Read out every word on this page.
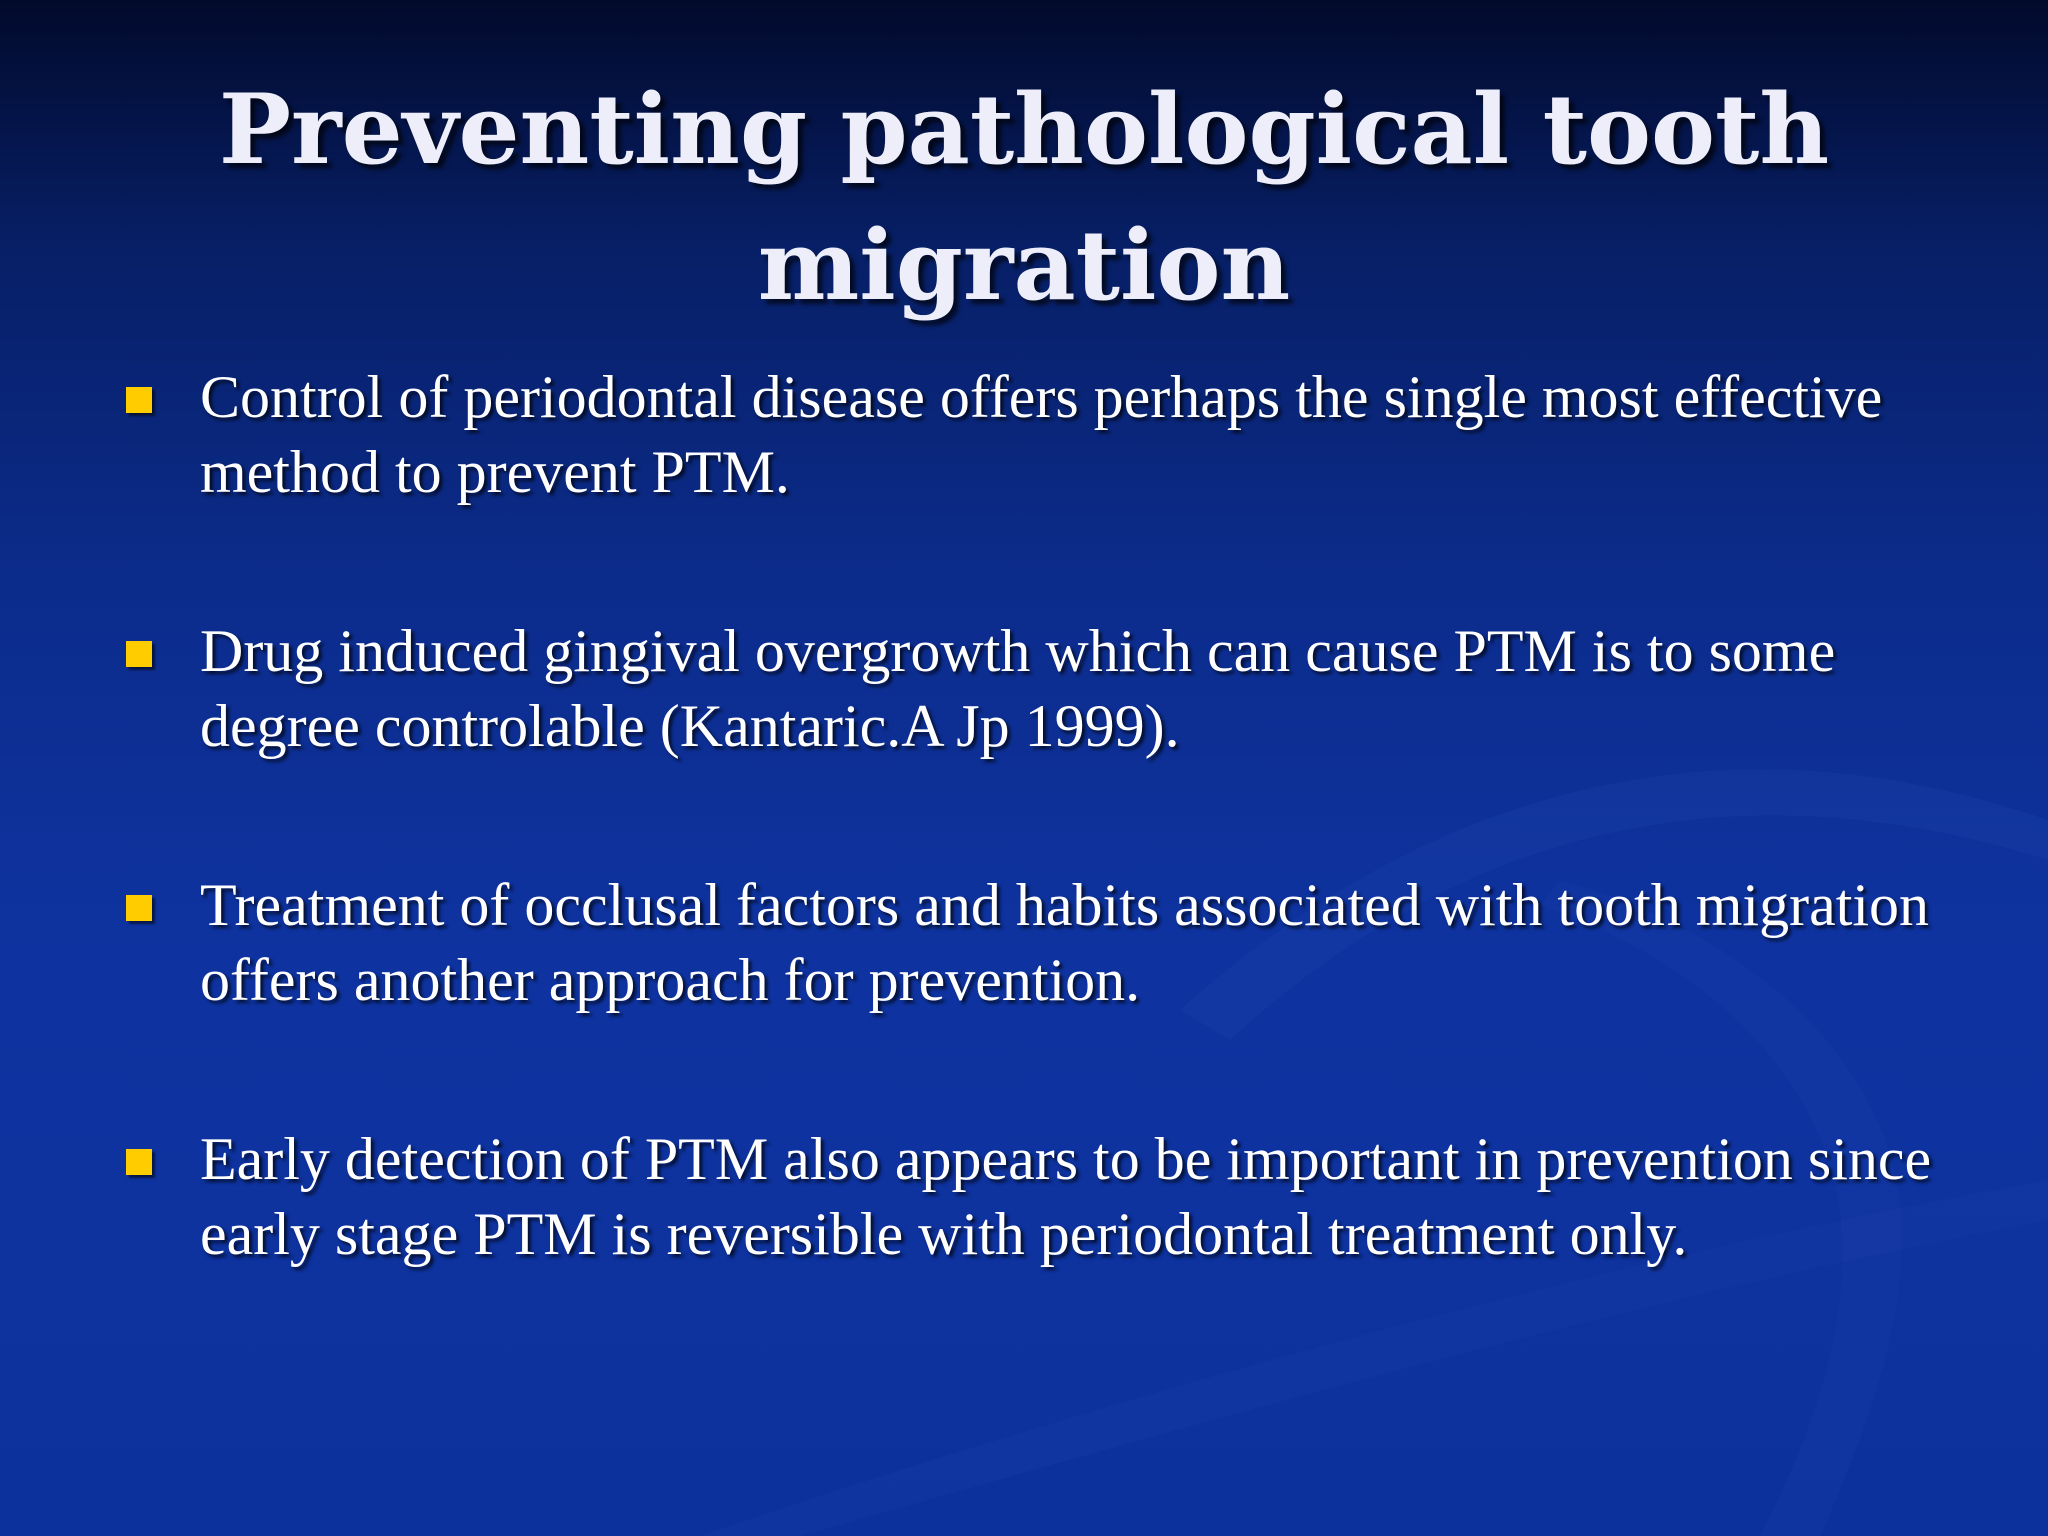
Preventing pathological tooth migration
Control of periodontal disease offers perhaps the single most effective method to prevent PTM.
Drug induced gingival overgrowth which can cause PTM is to some degree controlable (Kantaric.A Jp 1999).
Treatment of occlusal factors and habits associated with tooth migration offers another approach for prevention.
Early detection of PTM also appears to be important in prevention since early stage PTM is reversible with periodontal treatment only.
